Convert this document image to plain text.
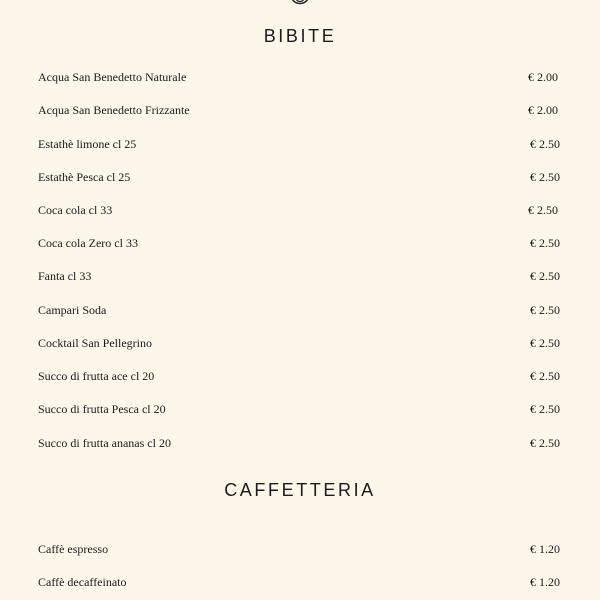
BIBITE
Acqua San Benedetto Naturale	€ 2.00
Acqua San Benedetto Frizzante	€ 2.00
Estathè limone cl 25	€ 2.50
Estathè Pesca cl 25	€ 2.50
Coca cola cl 33	€ 2.50
Coca cola Zero cl 33	€ 2.50
Fanta cl 33	€ 2.50
Campari Soda	€ 2.50
Cocktail San Pellegrino	€ 2.50
Succo di frutta ace cl 20	€ 2.50
Succo di frutta Pesca cl 20	€ 2.50
Succo di frutta ananas cl 20	€ 2.50
CAFFETTERIA
Caffè espresso	€ 1.20
Caffè decaffeinato	€ 1.20
